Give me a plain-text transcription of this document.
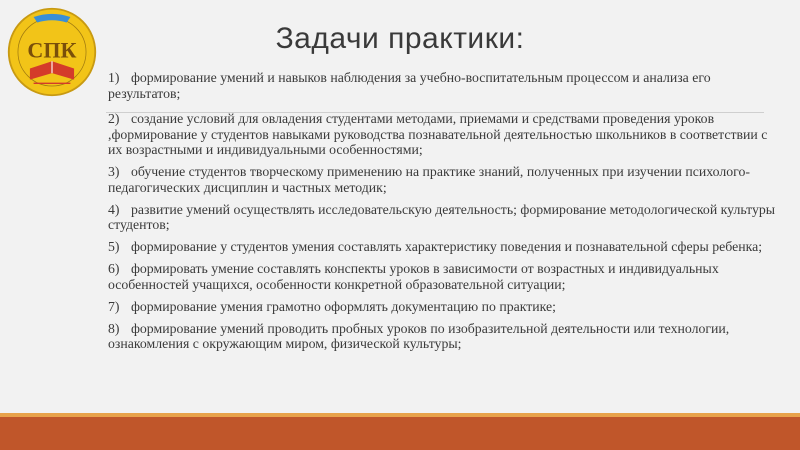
СПК	Задачи практики:
1) формирование умений и навыков наблюдения за учебно-воспитательным процессом и анализа его результатов;
2) создание условий для овладения студентами методами, приемами и средствами проведения уроков ,формирование у студентов навыками руководства познавательной деятельностью школьников в соответствии с их возрастными и индивидуальными особенностями;
3) обучение студентов творческому применению на практике знаний, полученных при изучении психолого-педагогических дисциплин и частных методик;
4) развитие умений осуществлять исследовательскую деятельность; формирование методологической культуры студентов;
5) формирование у студентов умения составлять характеристику поведения и познавательной сферы ребенка;
6) формировать умение составлять конспекты уроков в зависимости от возрастных и индивидуальных особенностей учащихся, особенности конкретной образовательной ситуации;
7) формирование умения грамотно оформлять документацию по практике;
8) формирование умений проводить пробных уроков по изобразительной деятельности или технологии, ознакомления с окружающим миром, физической культуры;
